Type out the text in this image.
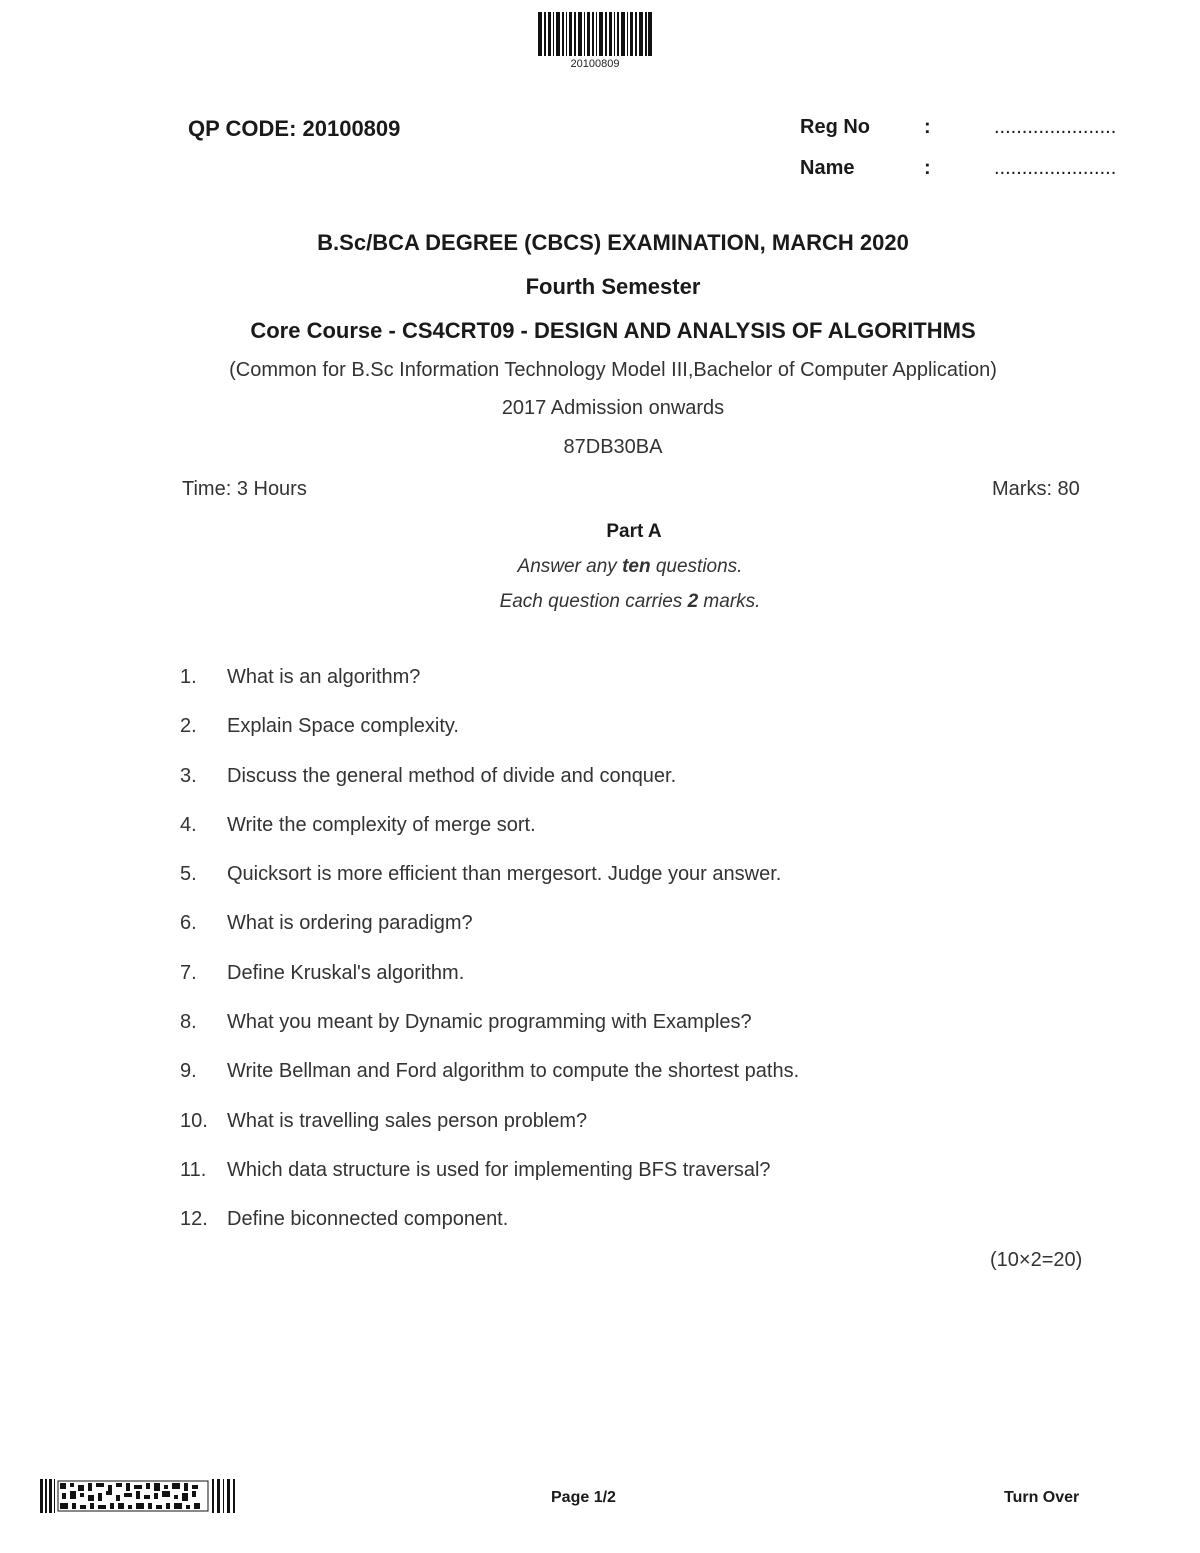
20100809
QP CODE: 20100809	Reg No	:	......................
Name	:	......................
B.Sc/BCA DEGREE (CBCS) EXAMINATION, MARCH 2020
Fourth Semester
Core Course - CS4CRT09 - DESIGN AND ANALYSIS OF ALGORITHMS
(Common for B.Sc Information Technology Model III,Bachelor of Computer Application)
2017 Admission onwards
87DB30BA
Time: 3 Hours	Marks: 80
Part A
Answer any ten questions.
Each question carries 2 marks.
1.	What is an algorithm?
2.	Explain Space complexity.
3.	Discuss the general method of divide and conquer.
4.	Write the complexity of merge sort.
5.	Quicksort is more efficient than mergesort. Judge your answer.
6.	What is ordering paradigm?
7.	Define Kruskal's algorithm.
8.	What you meant by Dynamic programming with Examples?
9.	Write Bellman and Ford algorithm to compute the shortest paths.
10. What is travelling sales person problem?
11.	Which data structure is used for implementing BFS traversal?
12. Define biconnected component.
(10×2=20)
Page 1/2	Turn Over
